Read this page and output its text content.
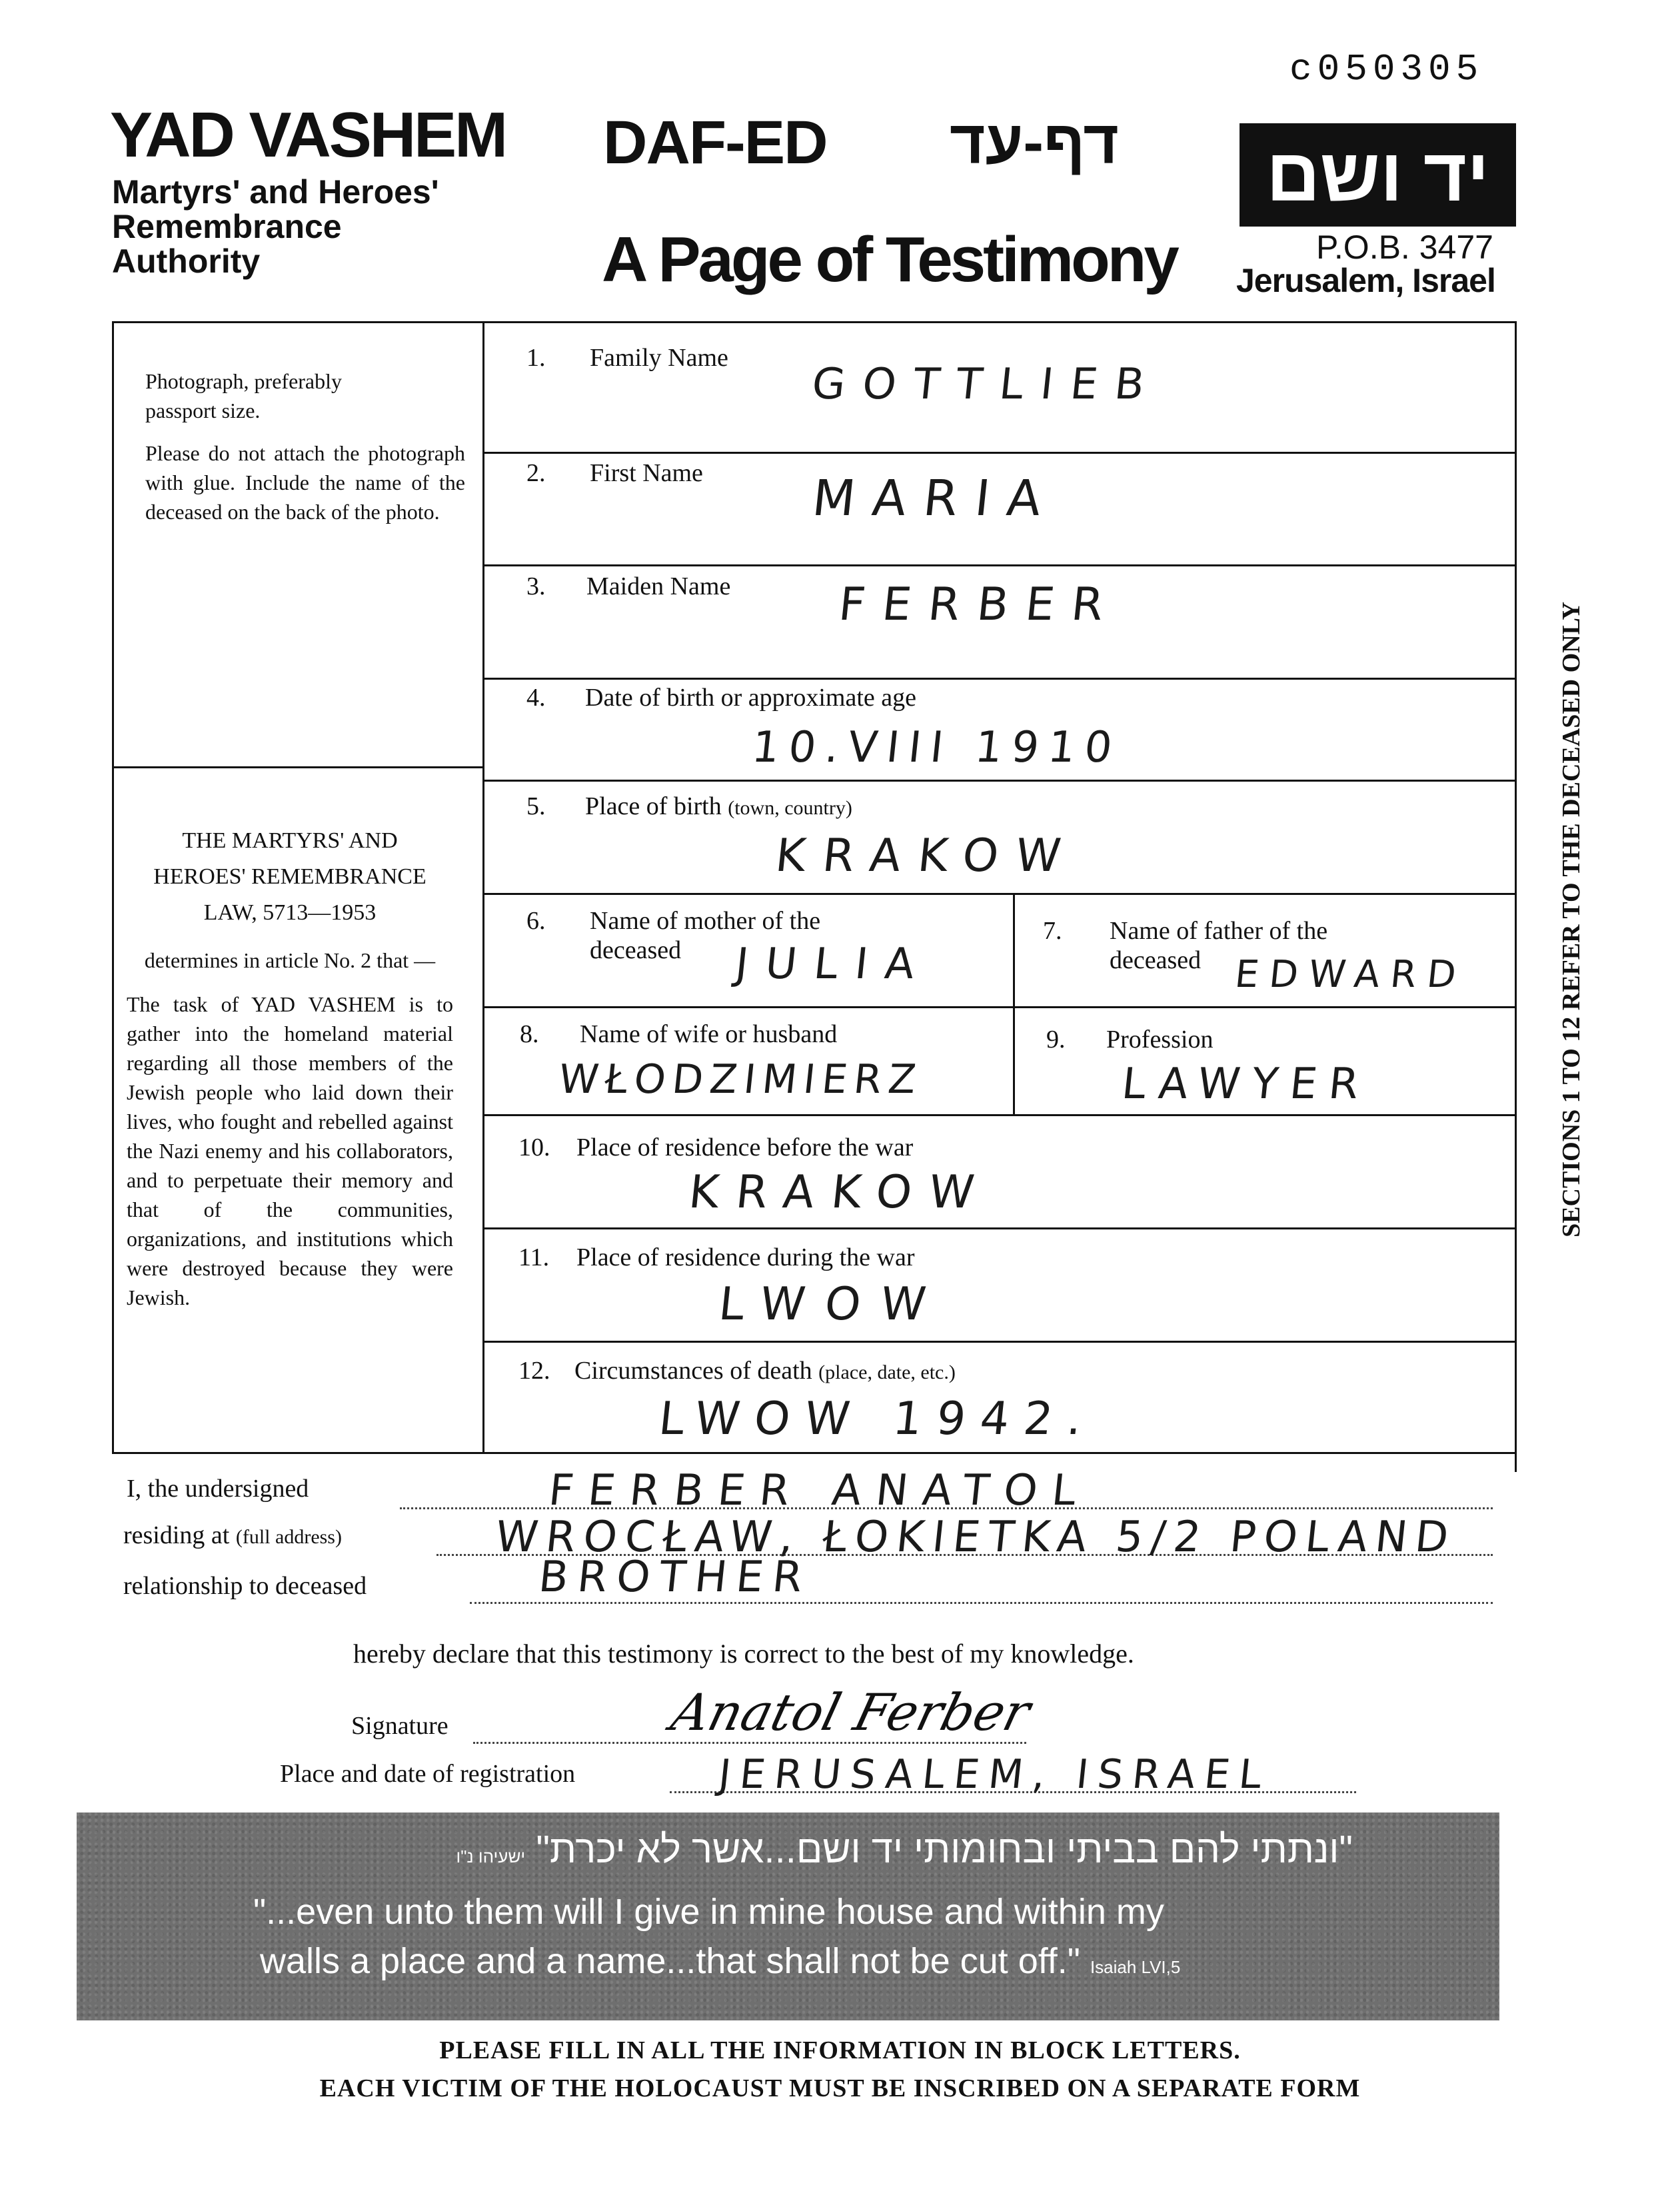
c050305
YAD VASHEM
Martyrs' and Heroes'
Remembrance
Authority
DAF-ED דף-עד
A Page of Testimony
יד ושם
P.O.B. 3477
Jerusalem, Israel
SECTIONS 1 TO 12 REFER TO THE DECEASED ONLY
Photograph, preferably passport size.
Please do not attach the photograph with glue. Include the name of the deceased on the back of the photo.
THE MARTYRS' AND
HEROES' REMEMBRANCE
LAW, 5713—1953
determines in article No. 2 that —
The task of YAD VASHEM is to gather into the homeland material regarding all those members of the Jewish people who laid down their lives, who fought and rebelled against the Nazi enemy and his collaborators, and to perpetuate their memory and that of the communities, organizations, and institutions which were destroyed because they were Jewish.
1. Family Name
GOTTLIEB
2. First Name MARIA
3. Maiden Name FERBER
4. Date of birth or approximate age
10.VIII 1910
5. Place of birth (town, country)
KRAKOW
6. Name of mother of the
deceased	JULIA
7. Name of father of the
deceased EDWARD
8. Name of wife or husband
WŁODZIMIERZ
9. Profession
LAWYER
10. Place of residence before the war
KRAKOW
11. Place of residence during the war
LWOW
12. Circumstances of death (place, date, etc.)
LWOW 1942.
I, the undersigned	FERBER ANATOL
residing at (full address)	WROCŁAW, ŁOKIETKA 5/2 POLAND
relationship to deceased	BROTHER
hereby declare that this testimony is correct to the best of my knowledge.
Signature	Anatol Ferber
Place and date of registration	JERUSALEM, ISRAEL
"ונתתי להם בביתי ובחומותי יד ושם...אשר לא יכרת" ישעיהו נ"ו
"...even unto them will I give in mine house and within my
walls a place and a name...that shall not be cut off." Isaiah LVI,5
PLEASE FILL IN ALL THE INFORMATION IN BLOCK LETTERS.
EACH VICTIM OF THE HOLOCAUST MUST BE INSCRIBED ON A SEPARATE FORM
